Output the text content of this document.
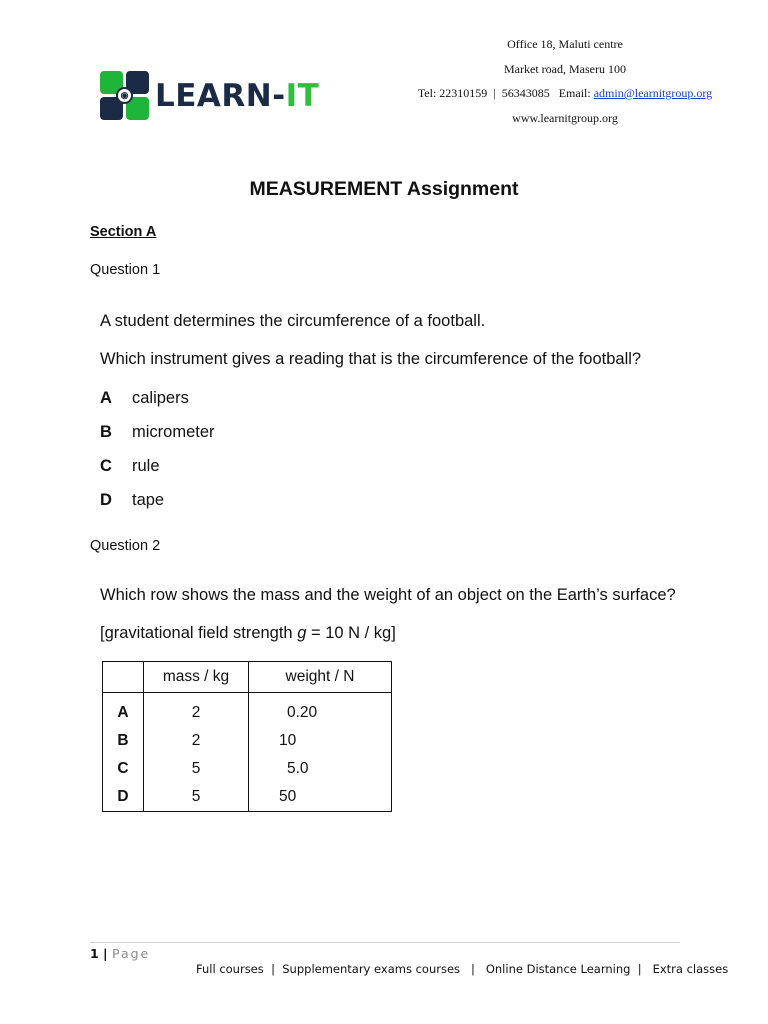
◉ LEARN-IT
Office 18, Maluti centre
Market road, Maseru 100
Tel: 22310159  |  56343085   Email: admin@learnitgroup.org
www.learnitgroup.org
MEASUREMENT Assignment
Section A
Question 1
A student determines the circumference of a football.
Which instrument gives a reading that is the circumference of the football?
A calipers
B micrometer
C rule
D tape
Question 2
Which row shows the mass and the weight of an object on the Earth’s surface?
[gravitational field strength g = 10 N / kg]
	mass / kg	weight / N
A	2	0.20
B	2	10
C	5	5.0
D	5	50
1 | Page
Full courses  |  Supplementary exams courses   |   Online Distance Learning  |   Extra classes
